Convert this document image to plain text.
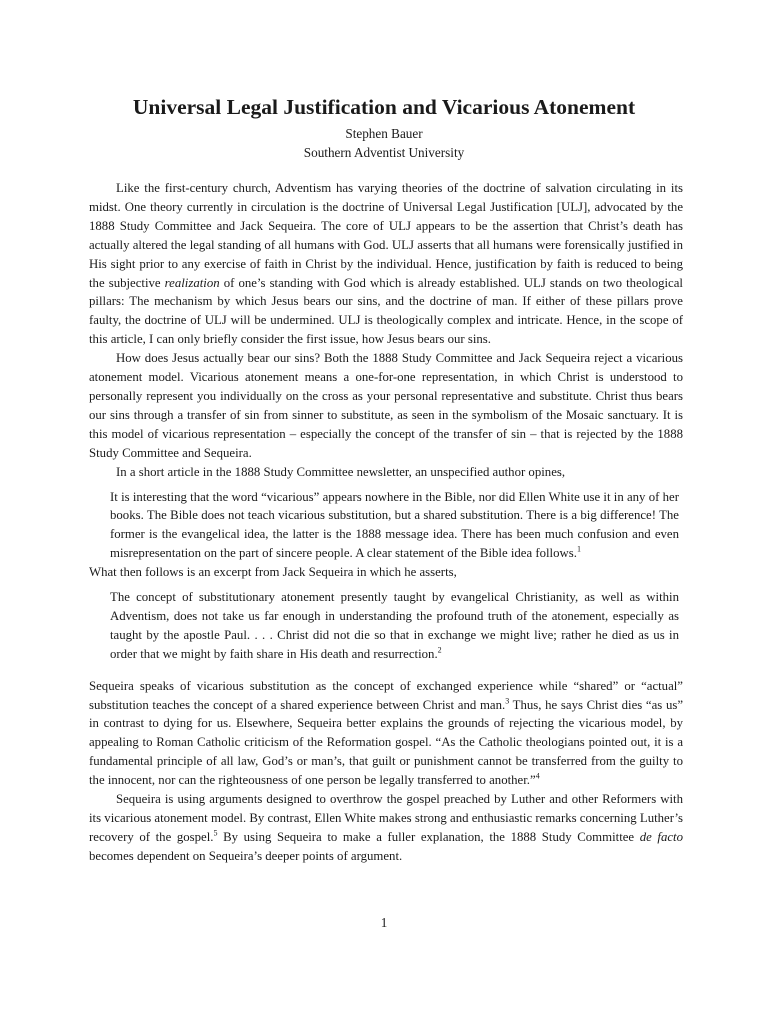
Universal Legal Justification and Vicarious Atonement
Stephen Bauer
Southern Adventist University

Like the first-century church, Adventism has varying theories of the doctrine of salvation circulating in its midst. One theory currently in circulation is the doctrine of Universal Legal Justification [ULJ], advocated by the 1888 Study Committee and Jack Sequeira. The core of ULJ appears to be the assertion that Christ’s death has actually altered the legal standing of all humans with God. ULJ asserts that all humans were forensically justified in His sight prior to any exercise of faith in Christ by the individual. Hence, justification by faith is reduced to being the subjective realization of one’s standing with God which is already established. ULJ stands on two theological pillars: The mechanism by which Jesus bears our sins, and the doctrine of man. If either of these pillars prove faulty, the doctrine of ULJ will be undermined. ULJ is theologically complex and intricate. Hence, in the scope of this article, I can only briefly consider the first issue, how Jesus bears our sins.

How does Jesus actually bear our sins? Both the 1888 Study Committee and Jack Sequeira reject a vicarious atonement model. Vicarious atonement means a one-for-one representation, in which Christ is understood to personally represent you individually on the cross as your personal representative and substitute. Christ thus bears our sins through a transfer of sin from sinner to substitute, as seen in the symbolism of the Mosaic sanctuary. It is this model of vicarious representation – especially the concept of the transfer of sin – that is rejected by the 1888 Study Committee and Sequeira.

In a short article in the 1888 Study Committee newsletter, an unspecified author opines,

It is interesting that the word “vicarious” appears nowhere in the Bible, nor did Ellen White use it in any of her books. The Bible does not teach vicarious substitution, but a shared substitution. There is a big difference! The former is the evangelical idea, the latter is the 1888 message idea. There has been much confusion and even misrepresentation on the part of sincere people. A clear statement of the Bible idea follows.$^1$

What then follows is an excerpt from Jack Sequeira in which he asserts,

The concept of substitutionary atonement presently taught by evangelical Christianity, as well as within Adventism, does not take us far enough in understanding the profound truth of the atonement, especially as taught by the apostle Paul. . . . Christ did not die so that in exchange we might live; rather he died as us in order that we might by faith share in His death and resurrection.$^2$

Sequeira speaks of vicarious substitution as the concept of exchanged experience while “shared” or “actual” substitution teaches the concept of a shared experience between Christ and man.$^3$ Thus, he says Christ dies “as us” in contrast to dying for us. Elsewhere, Sequeira better explains the grounds of rejecting the vicarious model, by appealing to Roman Catholic criticism of the Reformation gospel. “As the Catholic theologians pointed out, it is a fundamental principle of all law, God’s or man’s, that guilt or punishment cannot be transferred from the guilty to the innocent, nor can the righteousness of one person be legally transferred to another.”$^4$

Sequeira is using arguments designed to overthrow the gospel preached by Luther and other Reformers with its vicarious atonement model. By contrast, Ellen White makes strong and enthusiastic remarks concerning Luther’s recovery of the gospel.$^5$ By using Sequeira to make a fuller explanation, the 1888 Study Committee de facto becomes dependent on Sequeira’s deeper points of argument.

1
